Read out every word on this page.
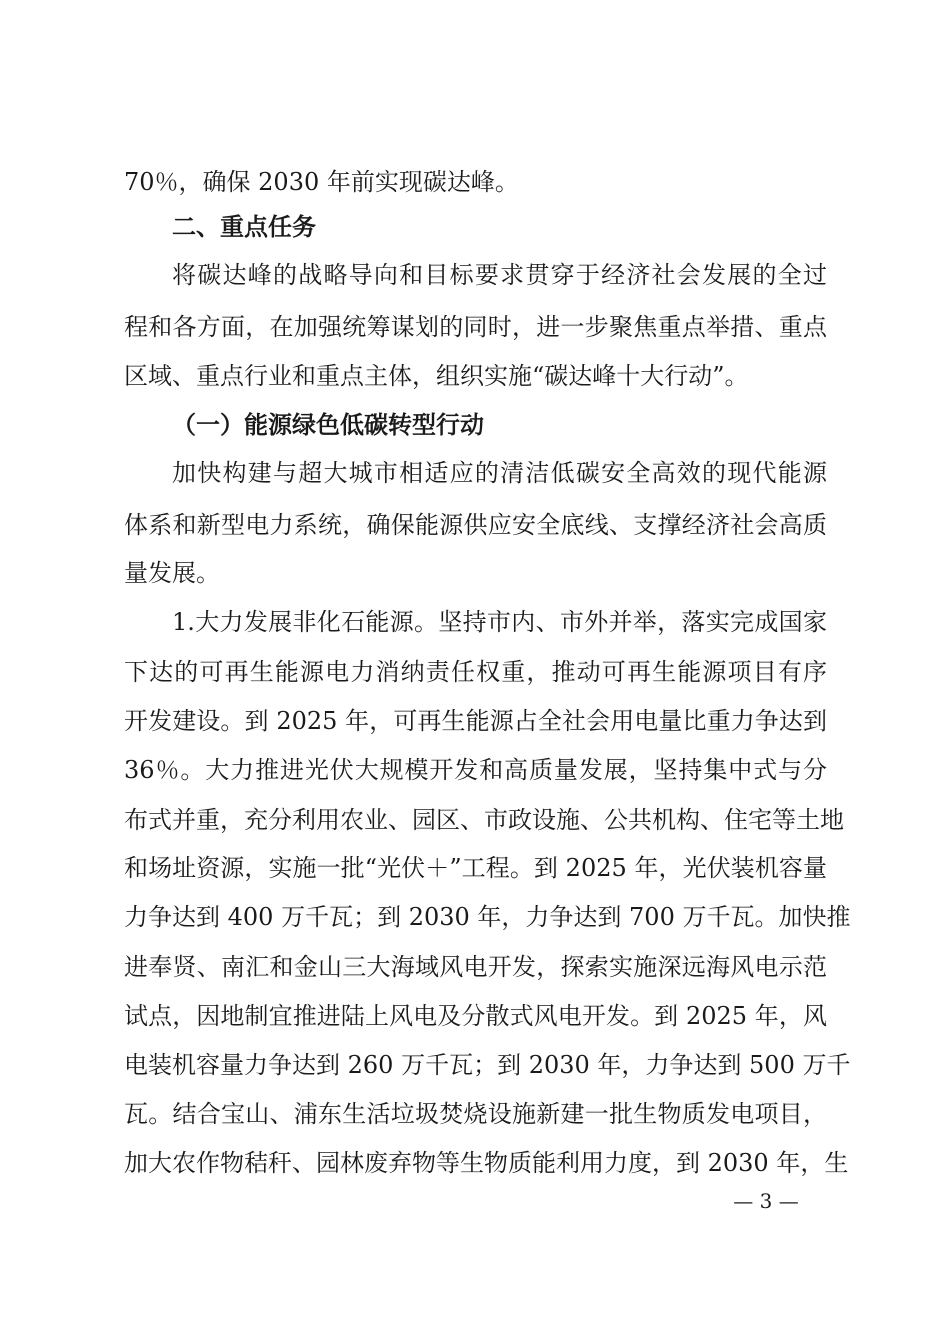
70％，确保 2030 年前实现碳达峰。
二、重点任务
将碳达峰的战略导向和目标要求贯穿于经济社会发展的全过
程和各方面，在加强统筹谋划的同时，进一步聚焦重点举措、重点
区域、重点行业和重点主体，组织实施“碳达峰十大行动”。
（一）能源绿色低碳转型行动
加快构建与超大城市相适应的清洁低碳安全高效的现代能源
体系和新型电力系统，确保能源供应安全底线、支撑经济社会高质
量发展。
1.大力发展非化石能源。坚持市内、市外并举，落实完成国家
下达的可再生能源电力消纳责任权重，推动可再生能源项目有序
开发建设。到 2025 年，可再生能源占全社会用电量比重力争达到
36％。大力推进光伏大规模开发和高质量发展，坚持集中式与分
布式并重，充分利用农业、园区、市政设施、公共机构、住宅等土地
和场址资源，实施一批“光伏＋”工程。到 2025 年，光伏装机容量
力争达到 400 万千瓦；到 2030 年，力争达到 700 万千瓦。加快推
进奉贤、南汇和金山三大海域风电开发，探索实施深远海风电示范
试点，因地制宜推进陆上风电及分散式风电开发。到 2025 年，风
电装机容量力争达到 260 万千瓦；到 2030 年，力争达到 500 万千
瓦。结合宝山、浦东生活垃圾焚烧设施新建一批生物质发电项目，
加大农作物秸秆、园林废弃物等生物质能利用力度，到 2030 年，生
— 3 —
